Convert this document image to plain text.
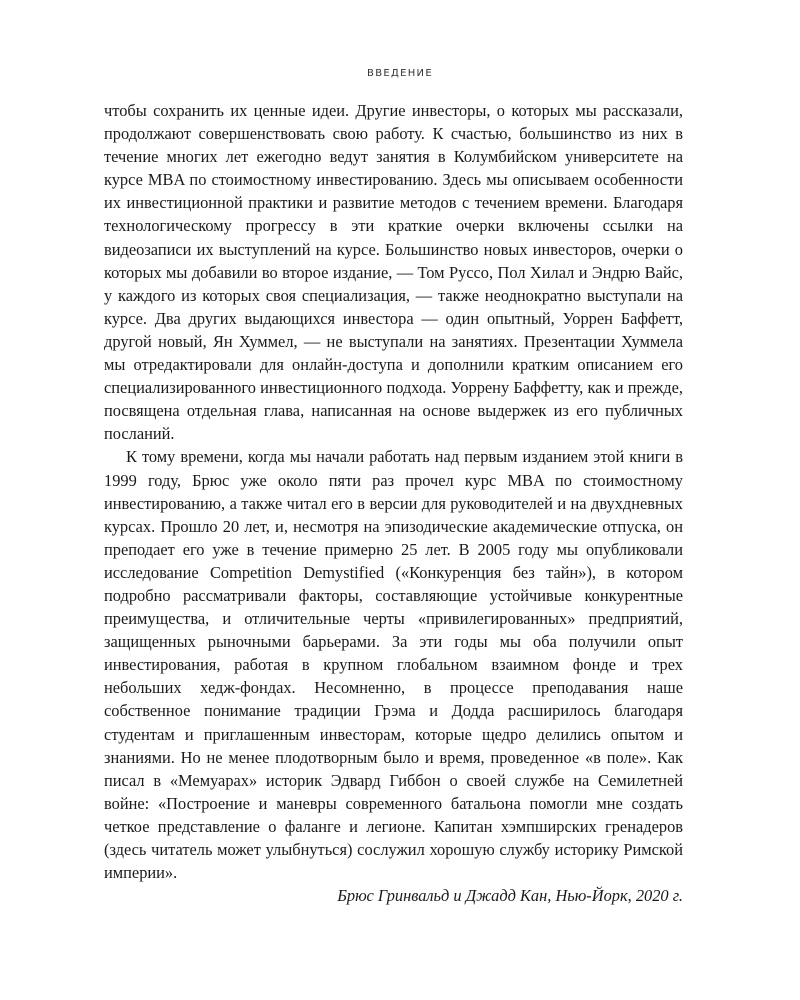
ВВЕДЕНИЕ

чтобы сохранить их ценные идеи. Другие инвесторы, о которых мы рассказали, продолжают совершенствовать свою работу. К счастью, большинство из них в течение многих лет ежегодно ведут занятия в Колумбийском университете на курсе MBA по стоимостному инвестированию. Здесь мы описываем особенности их инвестиционной практики и развитие методов с течением времени. Благодаря технологическому прогрессу в эти краткие очерки включены ссылки на видеозаписи их выступлений на курсе. Большинство новых инвесторов, очерки о которых мы добавили во второе издание, — Том Руссо, Пол Хилал и Эндрю Вайс, у каждого из которых своя специализация, — также неоднократно выступали на курсе. Два других выдающихся инвестора — один опытный, Уоррен Баффетт, другой новый, Ян Хуммел, — не выступали на занятиях. Презентации Хуммела мы отредактировали для онлайн-доступа и дополнили кратким описанием его специализированного инвестиционного подхода. Уоррену Баффетту, как и прежде, посвящена отдельная глава, написанная на основе выдержек из его публичных посланий.

К тому времени, когда мы начали работать над первым изданием этой книги в 1999 году, Брюс уже около пяти раз прочел курс MBA по стоимостному инвестированию, а также читал его в версии для руководителей и на двухдневных курсах. Прошло 20 лет, и, несмотря на эпизодические академические отпуска, он преподает его уже в течение примерно 25 лет. В 2005 году мы опубликовали исследование Competition Demystified («Конкуренция без тайн»), в котором подробно рассматривали факторы, составляющие устойчивые конкурентные преимущества, и отличительные черты «привилегированных» предприятий, защищенных рыночными барьерами. За эти годы мы оба получили опыт инвестирования, работая в крупном глобальном взаимном фонде и трех небольших хедж-фондах. Несомненно, в процессе преподавания наше собственное понимание традиции Грэма и Додда расширилось благодаря студентам и приглашенным инвесторам, которые щедро делились опытом и знаниями. Но не менее плодотворным было и время, проведенное «в поле». Как писал в «Мемуарах» историк Эдвард Гиббон о своей службе на Семилетней войне: «Построение и маневры современного батальона помогли мне создать четкое представление о фаланге и легионе. Капитан хэмпширских гренадеров (здесь читатель может улыбнуться) сослужил хорошую службу историку Римской империи».

Брюс Гринвальд и Джадд Кан, Нью-Йорк, 2020 г.
